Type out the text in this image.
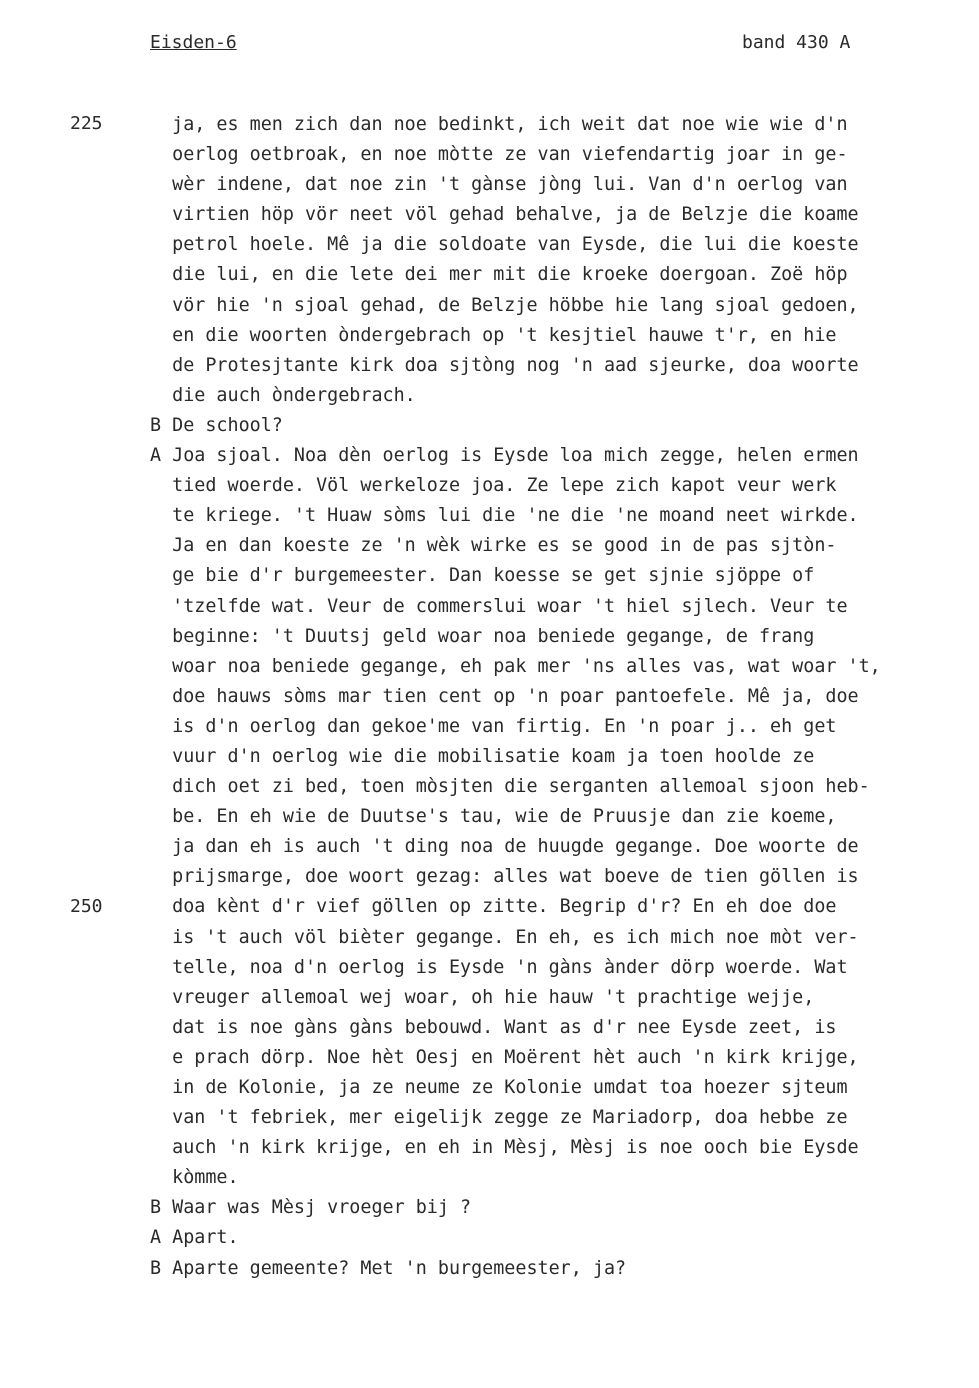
Eisden-6	band 430 A
225
250
ja, es men zich dan noe bedinkt, ich weit dat noe wie wie d'n
oerlog oetbroak, en noe mòtte ze van viefendartig joar in ge-
wèr indene, dat noe zin 't gànse jòng lui. Van d'n oerlog van
virtien höp vör neet völ gehad behalve, ja de Belzje die koame
petrol hoele. Mê ja die soldoate van Eysde, die lui die koeste
die lui, en die lete dei mer mit die kroeke doergoan. Zoë höp
vör hie 'n sjoal gehad, de Belzje höbbe hie lang sjoal gedoen,
en die woorten òndergebrach op 't kesjtiel hauwe t'r, en hie
de Protesjtante kirk doa sjtòng nog 'n aad sjeurke, doa woorte
die auch òndergebrach.
B De school?
A Joa sjoal. Noa dèn oerlog is Eysde loa mich zegge, helen ermen
tied woerde. Völ werkeloze joa. Ze lepe zich kapot veur werk
te kriege. 't Huaw sòms lui die 'ne die 'ne moand neet wirkde.
Ja en dan koeste ze 'n wèk wirke es se good in de pas sjtòn-
ge bie d'r burgemeester. Dan koesse se get sjnie sjöppe of
'tzelfde wat. Veur de commerslui woar 't hiel sjlech. Veur te
beginne: 't Duutsj geld woar noa beniede gegange, de frang
woar noa beniede gegange, eh pak mer 'ns alles vas, wat woar 't,
doe hauws sòms mar tien cent op 'n poar pantoefele. Mê ja, doe
is d'n oerlog dan gekoe'me van firtig. En 'n poar j.. eh get
vuur d'n oerlog wie die mobilisatie koam ja toen hoolde ze
dich oet zi bed, toen mòsjten die serganten allemoal sjoon heb-
be. En eh wie de Duutse's tau, wie de Pruusje dan zie koeme,
ja dan eh is auch 't ding noa de huugde gegange. Doe woorte de
prijsmarge, doe woort gezag: alles wat boeve de tien göllen is
doa kènt d'r vief göllen op zitte. Begrip d'r? En eh doe doe
is 't auch völ bièter gegange. En eh, es ich mich noe mòt ver-
telle, noa d'n oerlog is Eysde 'n gàns ànder dörp woerde. Wat
vreuger allemoal wej woar, oh hie hauw 't prachtige wejje,
dat is noe gàns gàns bebouwd. Want as d'r nee Eysde zeet, is
e prach dörp. Noe hèt Oesj en Moërent hèt auch 'n kirk krijge,
in de Kolonie, ja ze neume ze Kolonie umdat toa hoezer sjteum
van 't febriek, mer eigelijk zegge ze Mariadorp, doa hebbe ze
auch 'n kirk krijge, en eh in Mèsj, Mèsj is noe ooch bie Eysde
kòmme.
B Waar was Mèsj vroeger bij ?
A Apart.
B Aparte gemeente? Met 'n burgemeester, ja?
